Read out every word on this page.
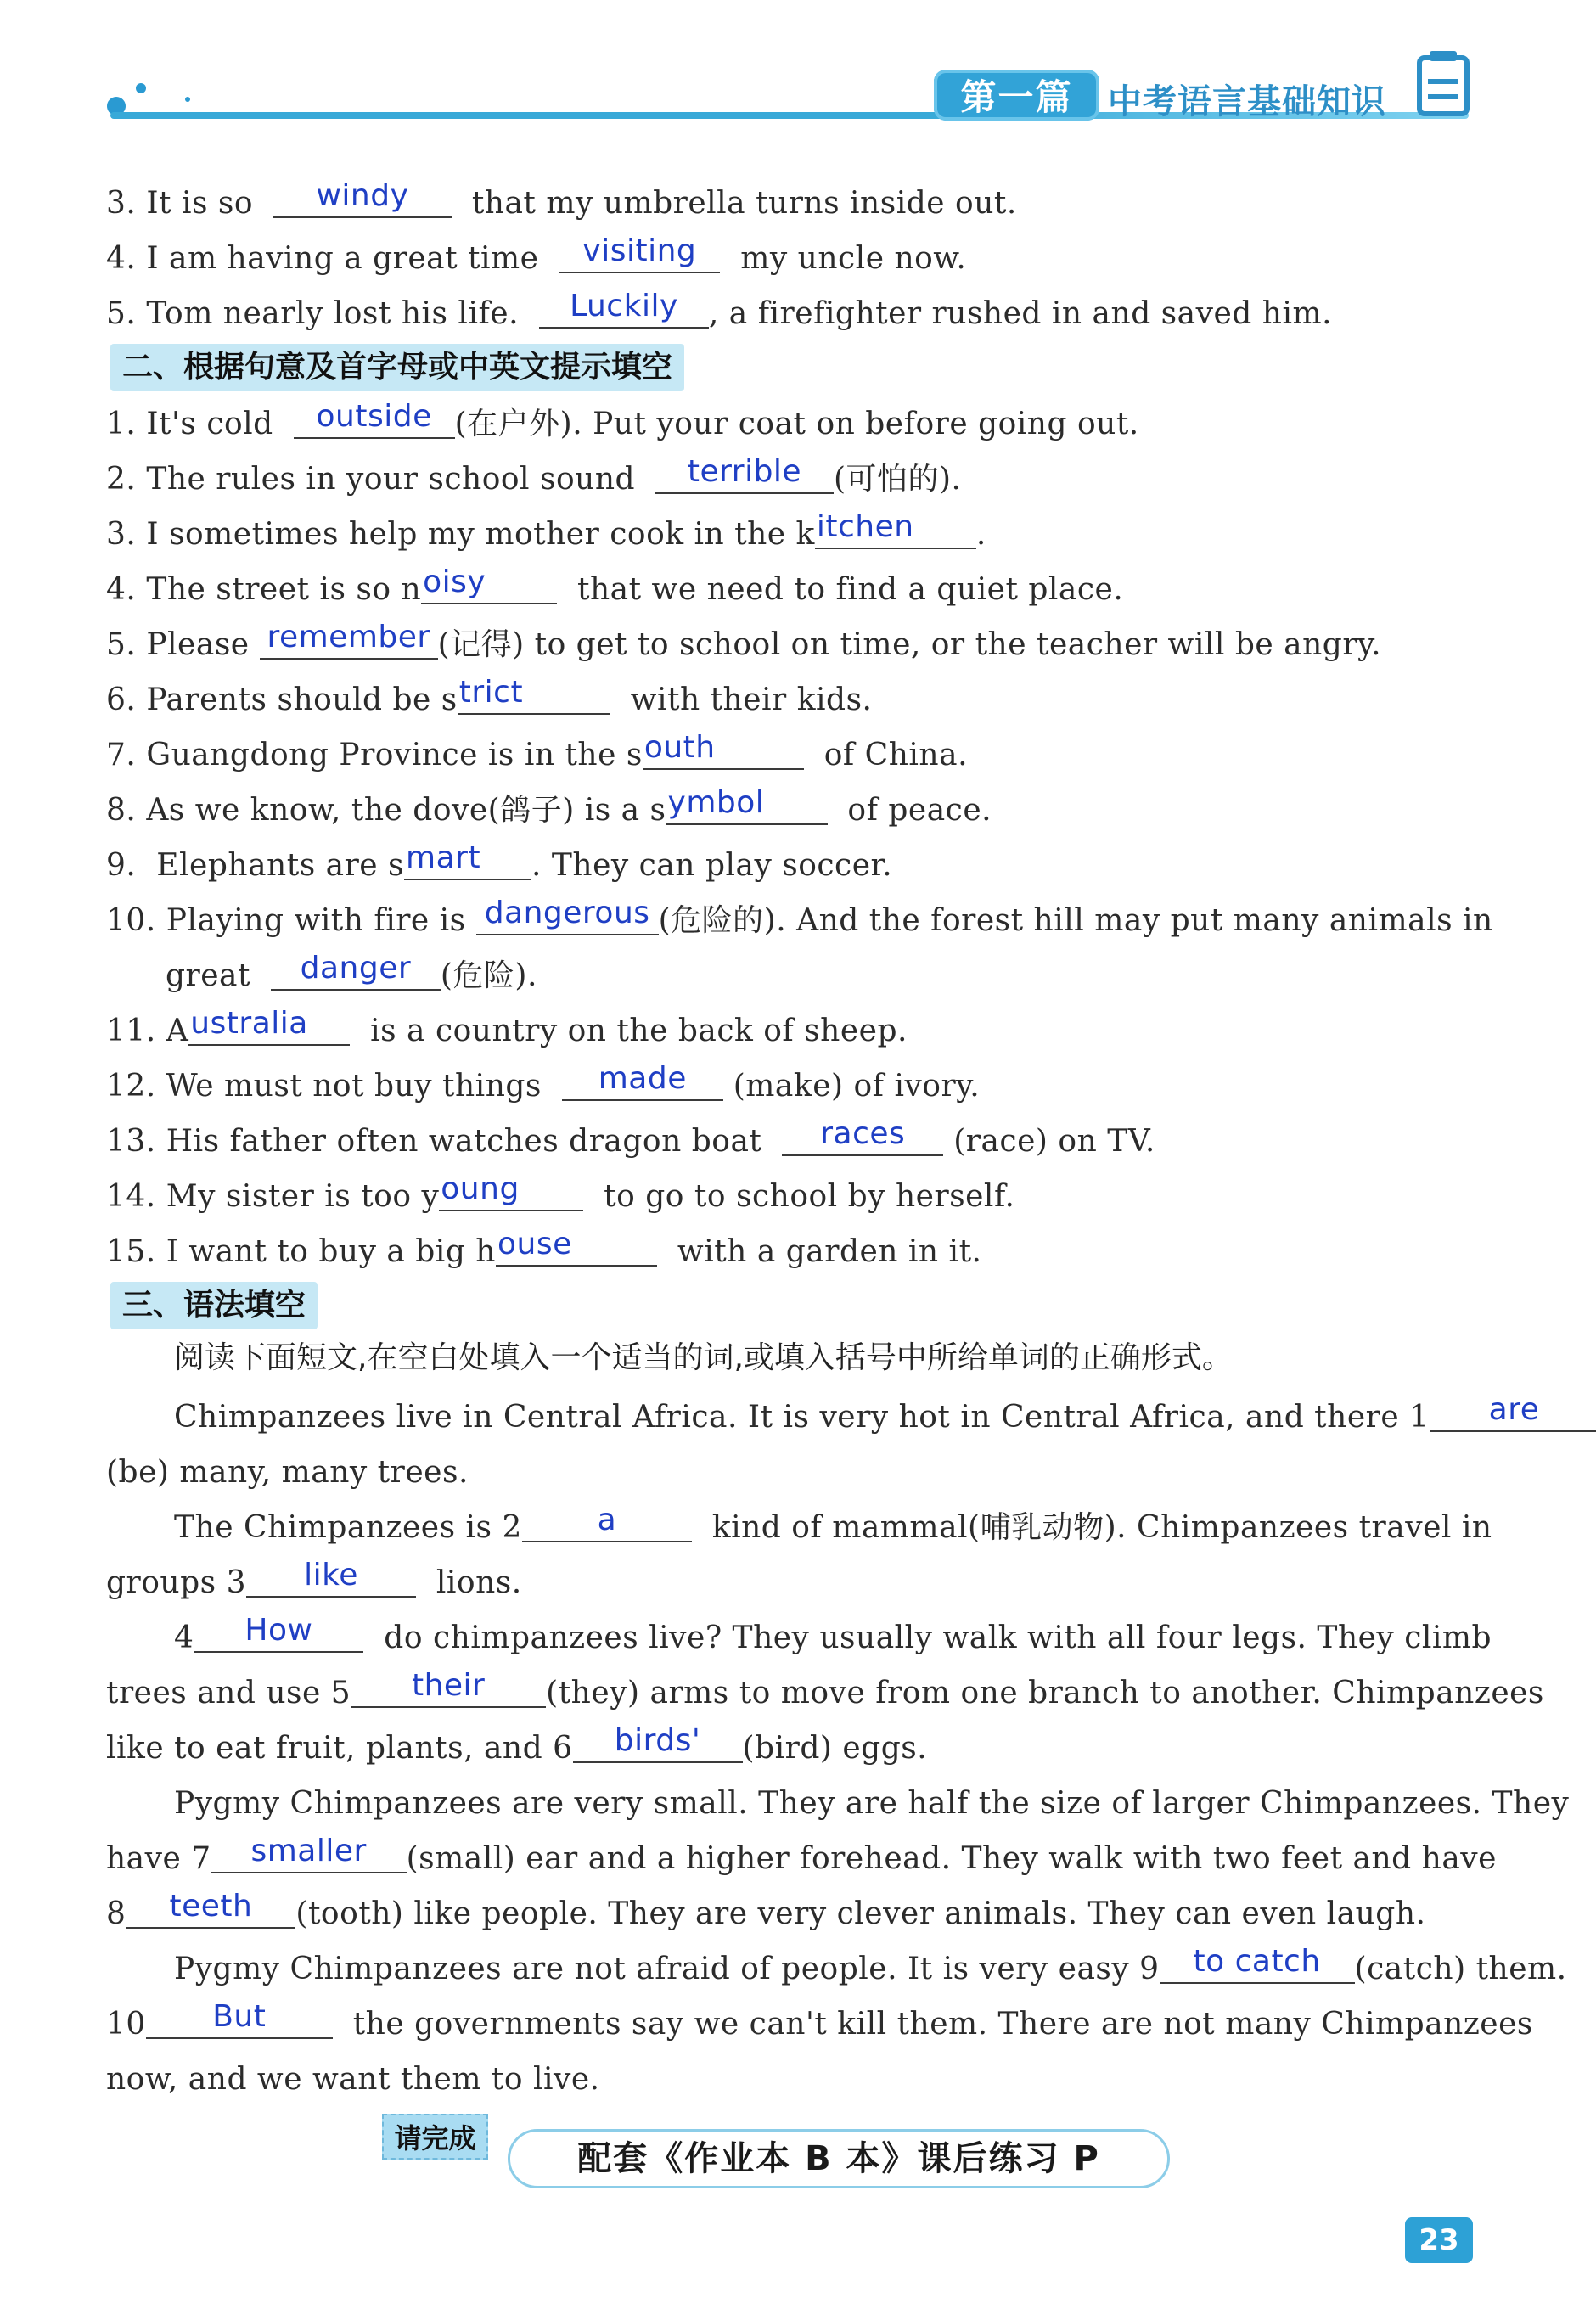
第一篇	中考语言基础知识
3. It is so	windy	that my umbrella turns inside out.
4. I am having a great time	visiting	my uncle now.
5. Tom nearly lost his life.	Luckily	, a firefighter rushed in and saved him.
二、根据句意及首字母或中英文提示填空
1. It's cold	outside (在户外). Put your coat on before going out.
2. The rules in your school sound	terrible	(可怕的).
3. I sometimes help my mother cook in the k itchen	.
4. The street is so n oisy	that we need to find a quiet place.
5. Please remember (记得) to get to school on time, or the teacher will be angry.
6. Parents should be s trict	with their kids.
7. Guangdong Province is in the s outh	of China.
8. As we know, the dove(鸽子) is a s ymbol	of peace.
9. Elephants are s mart	. They can play soccer.
10. Playing with fire is dangerous (危险的). And the forest hill may put many animals in
great	danger (危险).
11. A ustralia	is a country on the back of sheep.
12. We must not buy things	made	(make) of ivory.
13. His father often watches dragon boat	races	(race) on TV.
14. My sister is too y oung	to go to school by herself.
15. I want to buy a big h ouse	with a garden in it.
三、语法填空
阅读下面短文,在空白处填入一个适当的词,或填入括号中所给单词的正确形式。
Chimpanzees live in Central Africa. It is very hot in Central Africa, and there 1	are
(be) many, many trees.
The Chimpanzees is 2	a	kind of mammal(哺乳动物). Chimpanzees travel in
groups 3	like	lions.
4	How	do chimpanzees live? They usually walk with all four legs. They climb
trees and use 5	their	(they) arms to move from one branch to another. Chimpanzees
like to eat fruit, plants, and 6	birds'	(bird) eggs.
Pygmy Chimpanzees are very small. They are half the size of larger Chimpanzees. They
have 7	smaller	(small) ear and a higher forehead. They walk with two feet and have
8	teeth	(tooth) like people. They are very clever animals. They can even laugh.
Pygmy Chimpanzees are not afraid of people. It is very easy 9	to catch	(catch) them.
10	But	the governments say we can't kill them. There are not many Chimpanzees
now, and we want them to live.
请完成
配套《作业本 B 本》课后练习 P
23
